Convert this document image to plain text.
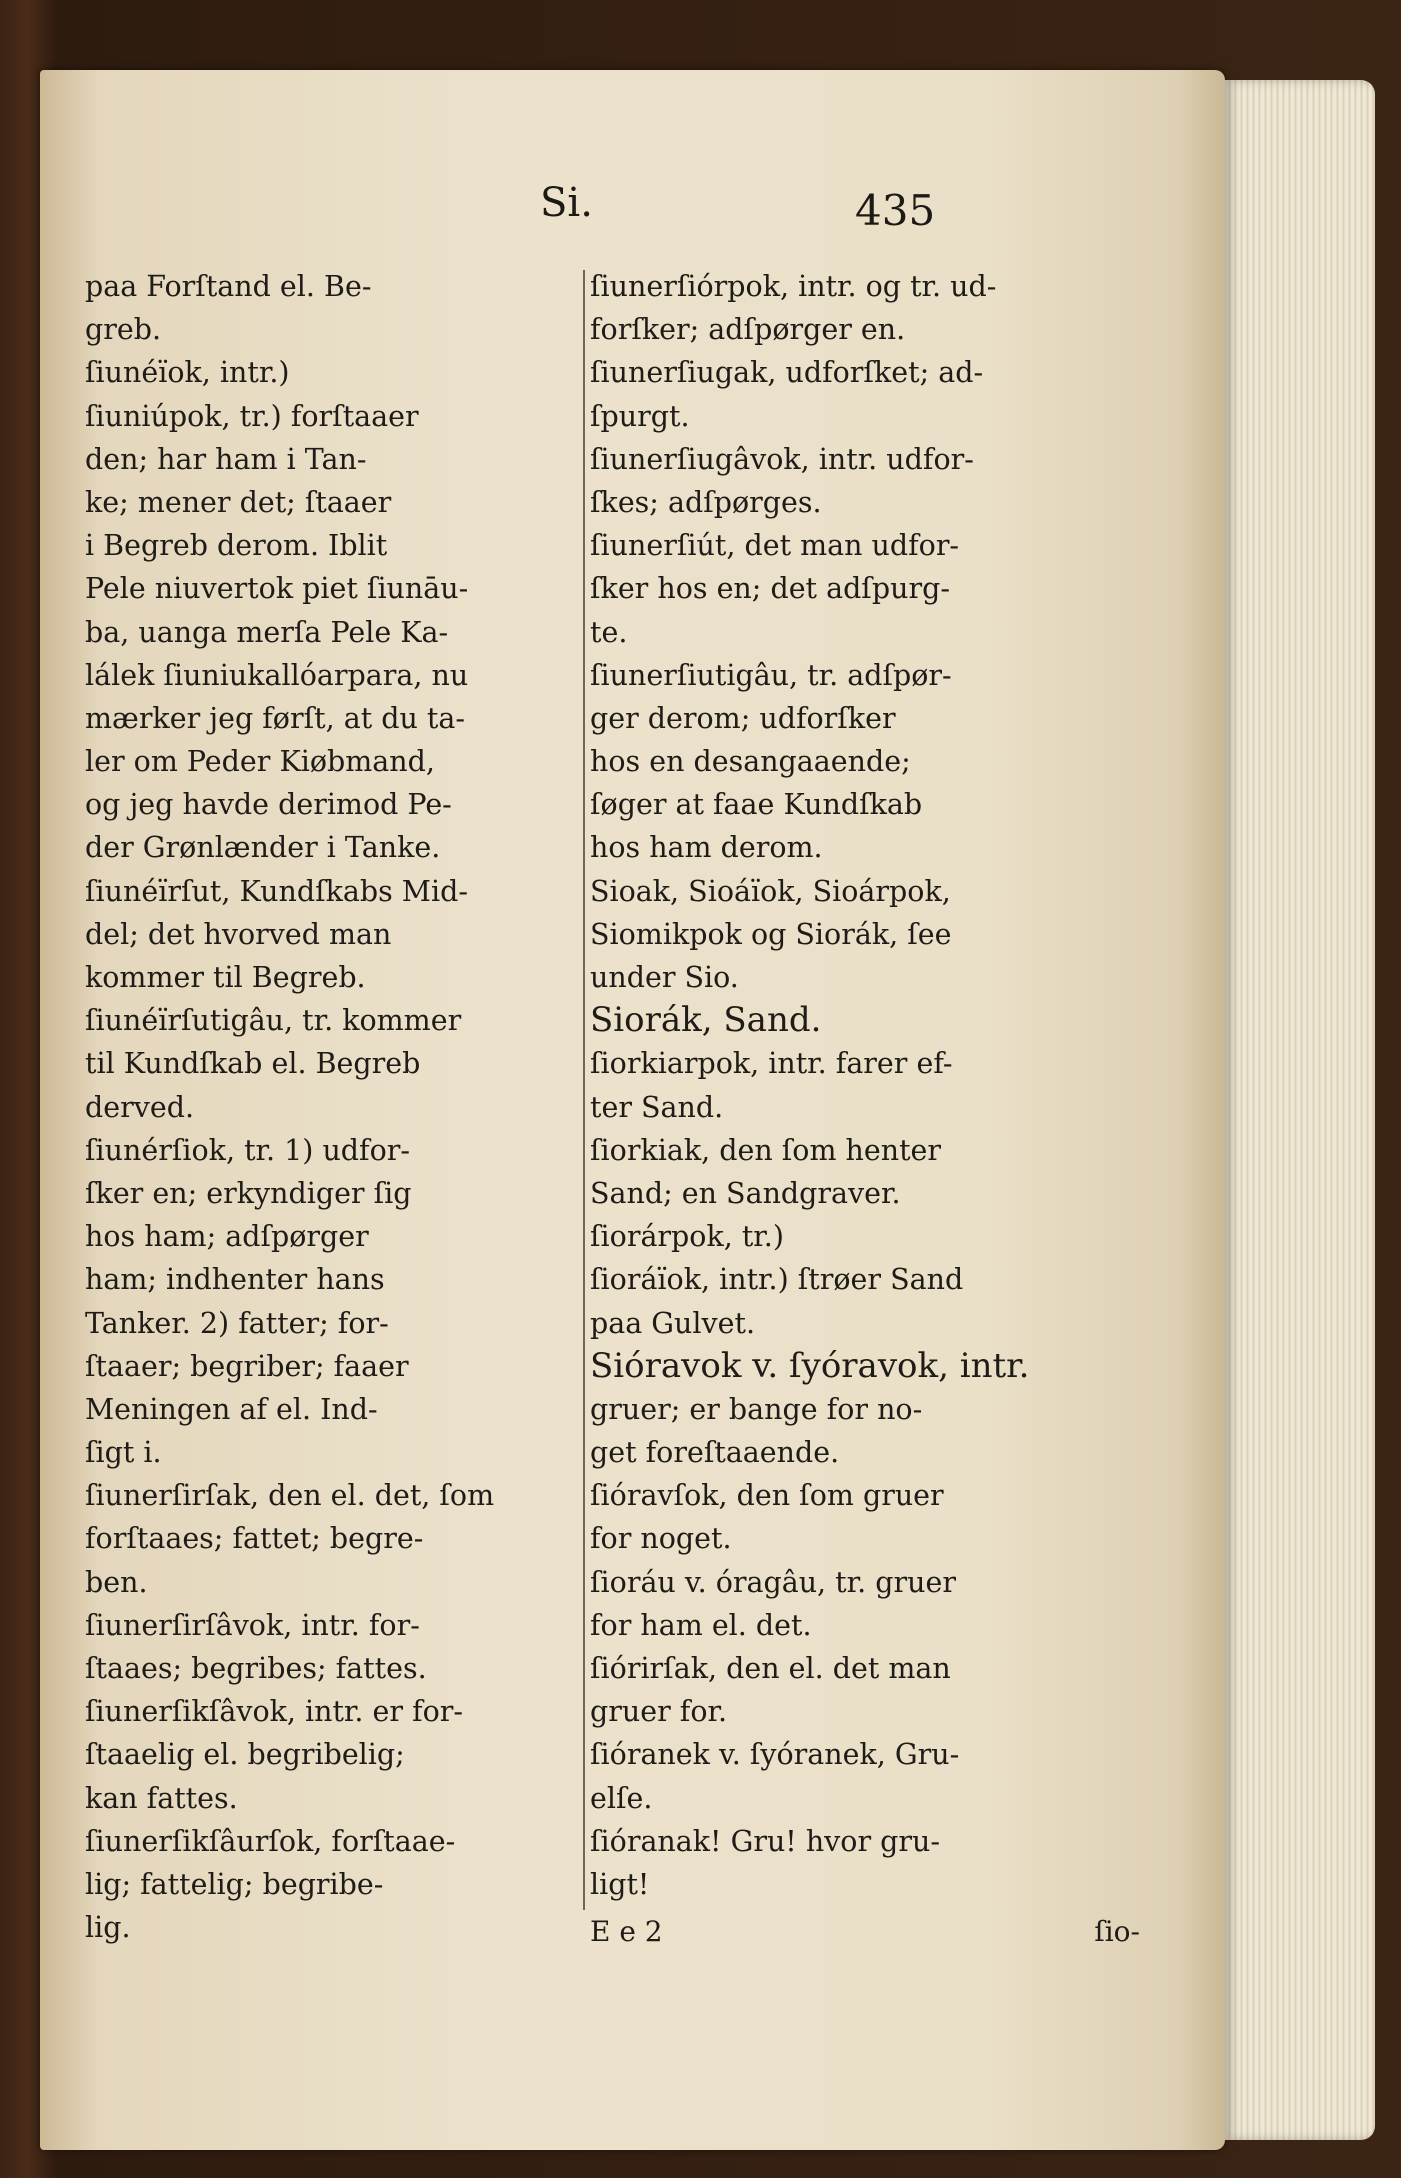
Si.	435
paa Forſtand el. Be-
greb.
ſiunéïok, intr.)
ſiuniúpok, tr.) forſtaaer
den; har ham i Tan-
ke; mener det; ſtaaer
i Begreb derom. Iblit
Pele niuvertok piet ſiunāu-
ba, uanga merſa Pele Ka-
lálek ſiuniukallóarpara, nu
mærker jeg førſt, at du ta-
ler om Peder Kiøbmand,
og jeg havde derimod Pe-
der Grønlænder i Tanke.
ſiunéïrſut, Kundſkabs Mid-
del; det hvorved man
kommer til Begreb.
ſiunéïrſutigâu, tr. kommer
til Kundſkab el. Begreb
derved.
ſiunérſiok, tr. 1) udfor-
ſker en; erkyndiger ſig
hos ham; adſpørger
ham; indhenter hans
Tanker. 2) fatter; for-
ſtaaer; begriber; faaer
Meningen af el. Ind-
ſigt i.
ſiunerſirſak, den el. det, ſom
forſtaaes; fattet; begre-
ben.
ſiunerſirſâvok, intr. for-
ſtaaes; begribes; fattes.
ſiunerſikſâvok, intr. er for-
ſtaaelig el. begribelig;
kan fattes.
ſiunerſikſâurſok, forſtaae-
lig; fattelig; begribe-
lig.
ſiunerſiórpok, intr. og tr. ud-
forſker; adſpørger en.
ſiunerſiugak, udforſket; ad-
ſpurgt.
ſiunerſiugâvok, intr. udfor-
ſkes; adſpørges.
ſiunerſiút, det man udfor-
ſker hos en; det adſpurg-
te.
ſiunerſiutigâu, tr. adſpør-
ger derom; udforſker
hos en desangaaende;
ſøger at faae Kundſkab
hos ham derom.
Sioak, Sioáïok, Sioárpok,
Siomikpok og Siorák, ſee
under Sio.
Siorák, Sand.
ſiorkiarpok, intr. farer ef-
ter Sand.
ſiorkiak, den ſom henter
Sand; en Sandgraver.
ſiorárpok, tr.)
ſioráïok, intr.) ſtrøer Sand
paa Gulvet.
Sióravok v. ſyóravok, intr.
gruer; er bange for no-
get foreſtaaende.
ſióravſok, den ſom gruer
for noget.
ſioráu v. óragâu, tr. gruer
for ham el. det.
ſiórirſak, den el. det man
gruer for.
ſióranek v. ſyóranek, Gru-
elſe.
ſióranak! Gru! hvor gru-
ligt!
E e 2	ſio-
